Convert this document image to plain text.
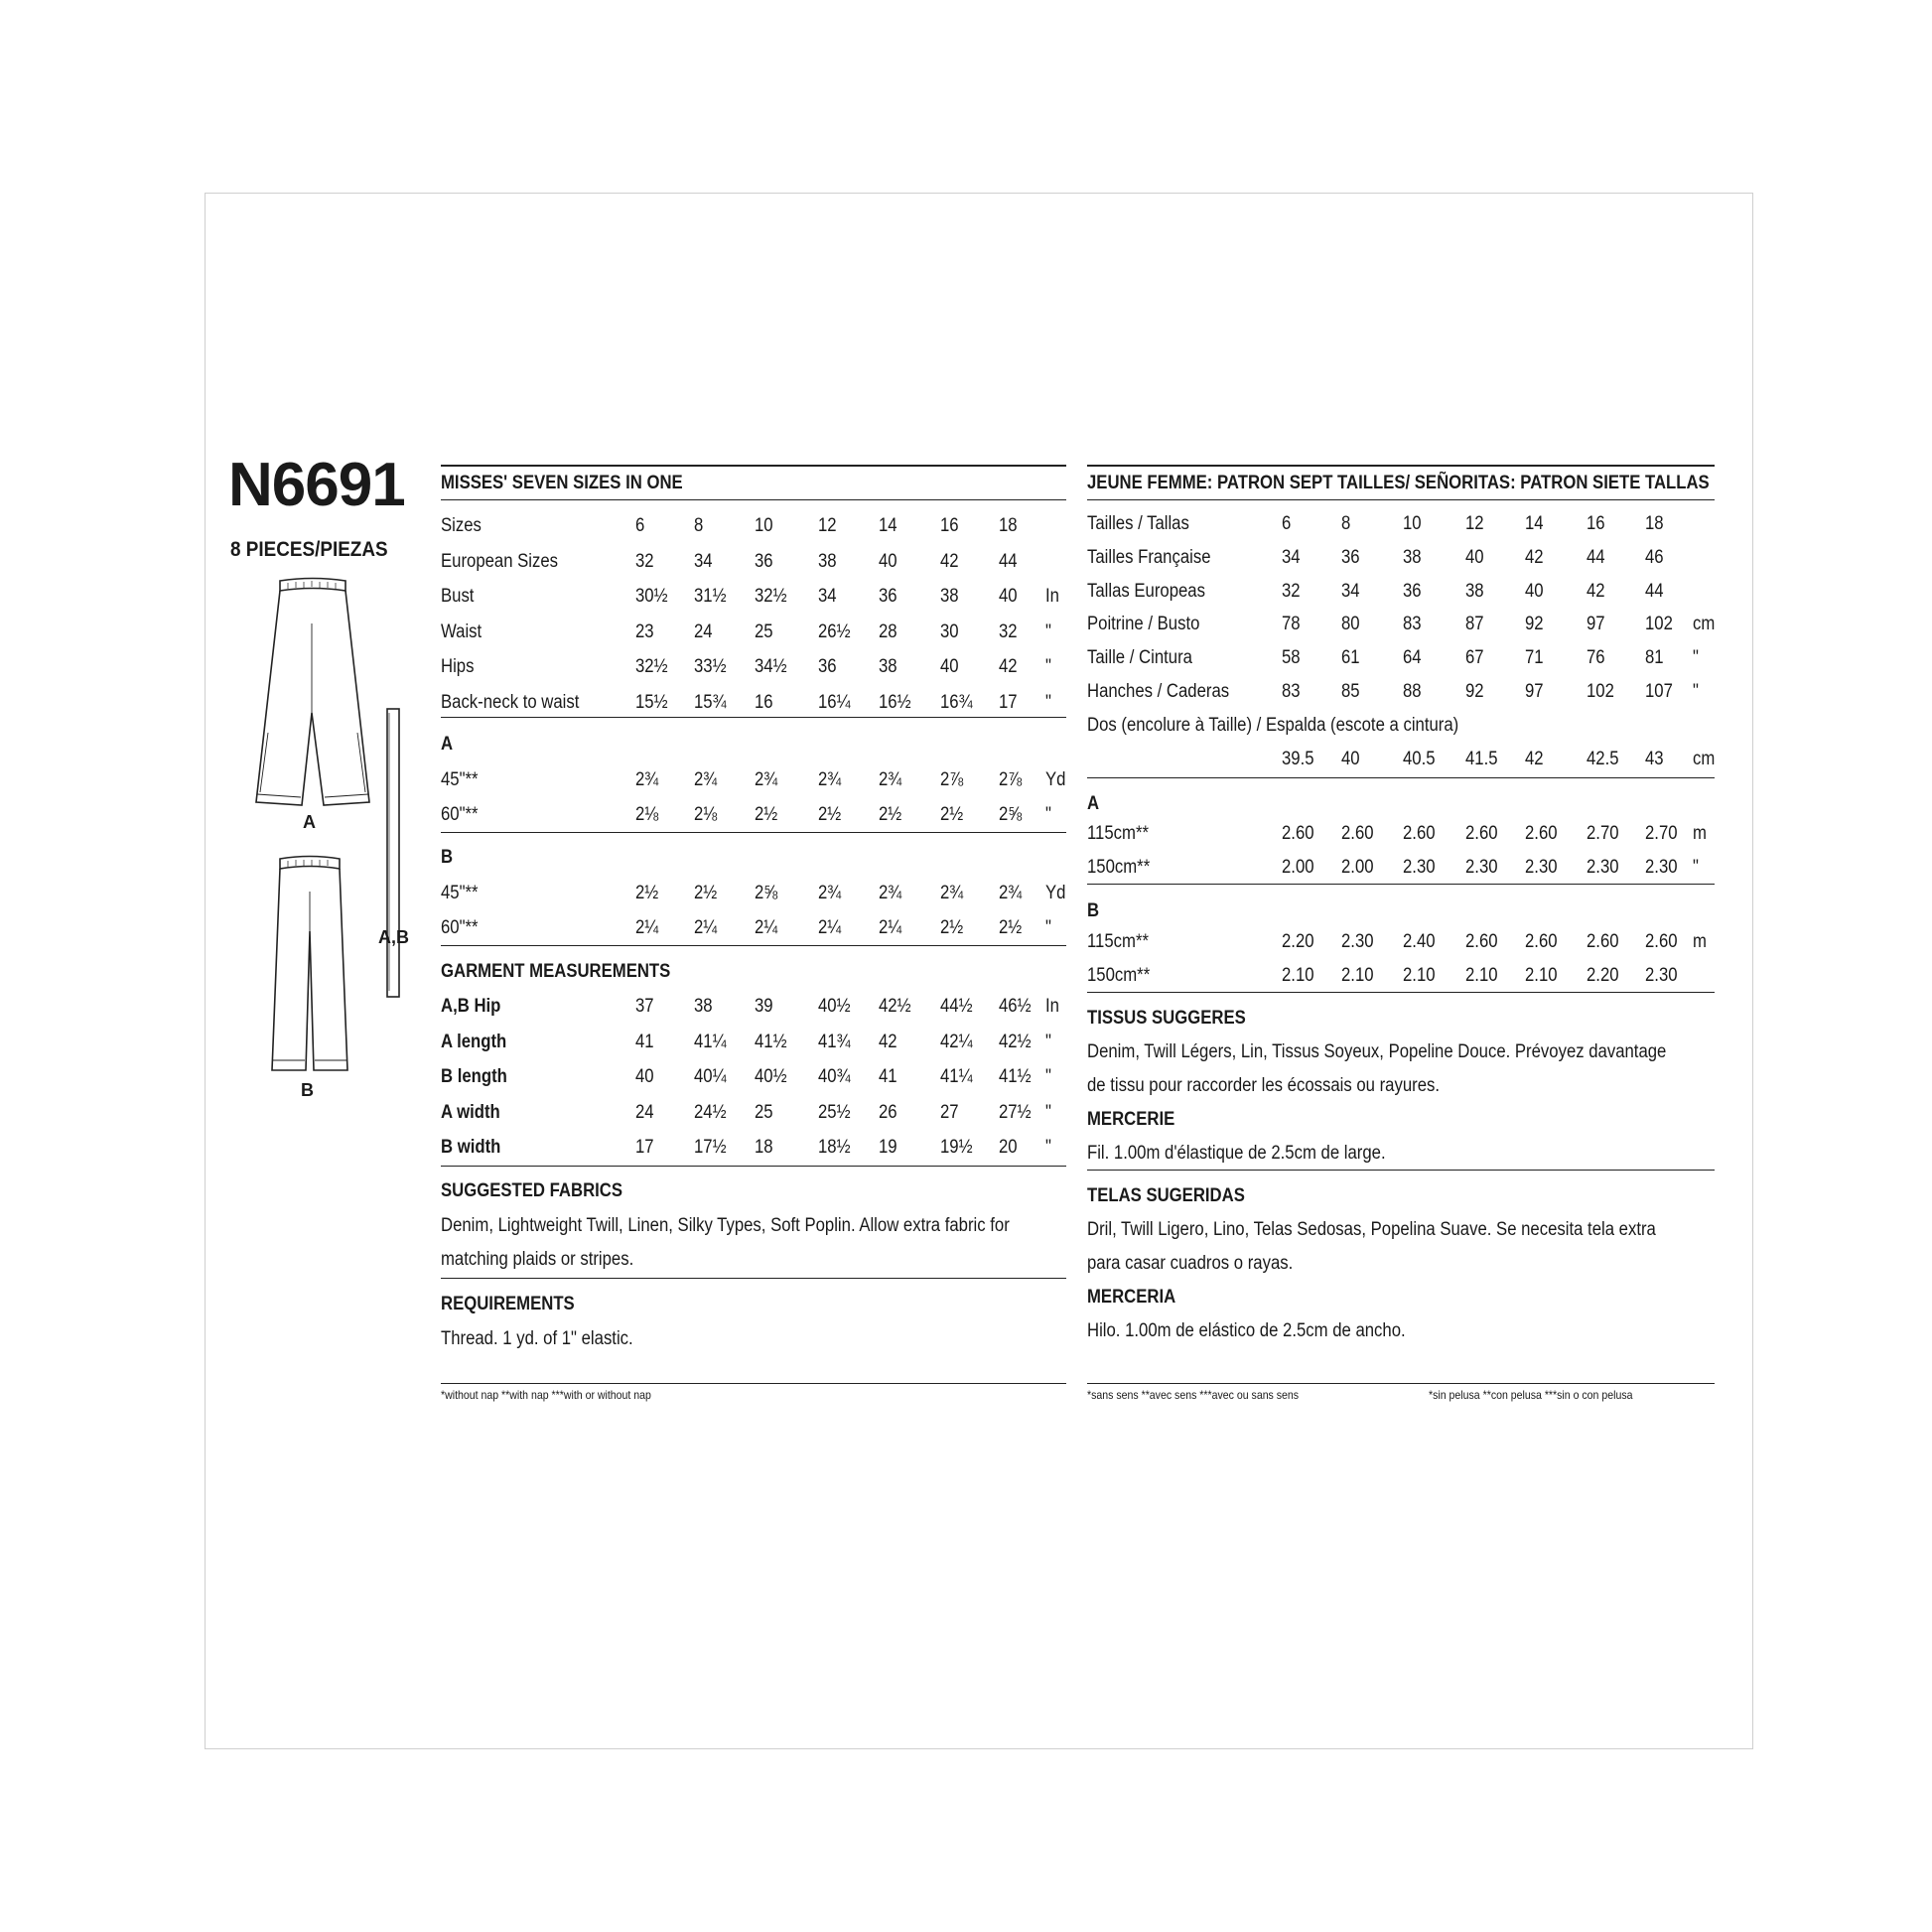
N6691
8 PIECES/PIEZAS
A
B
A,B
MISSES' SEVEN SIZES IN ONE
Sizes	6	8	10 12 14 16 18
European Sizes	32 34 36 38 40 42 44
Bust	30½ 31½ 32½ 34 36 38 40 In
Waist	23 24 25 26½ 28 30 32 "
Hips	32½ 33½ 34½ 36 38 40 42 "
Back-neck to waist	15½ 15¾ 16 16¼ 16½ 16¾ 17 "
A
45"**	2¾ 2¾ 2¾ 2¾ 2¾ 2⅞ 2⅞ Yd
60"**	2⅛ 2⅛ 2½ 2½ 2½ 2½ 2⅝ "
B
45"**	2½ 2½ 2⅝ 2¾ 2¾ 2¾ 2¾ Yd
60"**	2¼ 2¼ 2¼ 2¼ 2¼ 2½ 2½ "
GARMENT MEASUREMENTS
A,B Hip	37 38 39 40½ 42½ 44½ 46½ In
A length	41 41¼ 41½ 41¾ 42 42¼ 42½ "
B length	40 40¼ 40½ 40¾ 41 41¼ 41½ "
A width	24 24½ 25 25½ 26 27 27½ "
B width	17 17½ 18 18½ 19 19½ 20 "
SUGGESTED FABRICS
Denim, Lightweight Twill, Linen, Silky Types, Soft Poplin. Allow extra fabric for
matching plaids or stripes.
REQUIREMENTS
Thread. 1 yd. of 1" elastic.
*without nap **with nap ***with or without nap
JEUNE FEMME: PATRON SEPT TAILLES/ SEÑORITAS: PATRON SIETE TALLAS
Tailles / Tallas	6	8	10 12 14 16 18
Tailles Française	34 36 38 40 42 44 46
Tallas Europeas	32 34 36 38 40 42 44
Poitrine / Busto	78 80 83 87 92 97 102 cm
Taille / Cintura	58 61 64 67 71 76 81 "
Hanches / Caderas	83 85 88 92 97 102 107 "
Dos (encolure à Taille) / Espalda (escote a cintura)
39.5 40 40.5 41.5 42 42.5 43 cm
A
115cm**	2.60 2.60 2.60 2.60 2.60 2.70 2.70 m
150cm**	2.00 2.00 2.30 2.30 2.30 2.30 2.30 "
B
115cm**	2.20 2.30 2.40 2.60 2.60 2.60 2.60 m
150cm**	2.10 2.10 2.10 2.10 2.10 2.20 2.30
TISSUS SUGGERES
Denim, Twill Légers, Lin, Tissus Soyeux, Popeline Douce. Prévoyez davantage
de tissu pour raccorder les écossais ou rayures.
MERCERIE
Fil. 1.00m d'élastique de 2.5cm de large.
TELAS SUGERIDAS
Dril, Twill Ligero, Lino, Telas Sedosas, Popelina Suave. Se necesita tela extra
para casar cuadros o rayas.
MERCERIA
Hilo. 1.00m de elástico de 2.5cm de ancho.
*sans sens **avec sens ***avec ou sans sens	*sin pelusa **con pelusa ***sin o con pelusa
